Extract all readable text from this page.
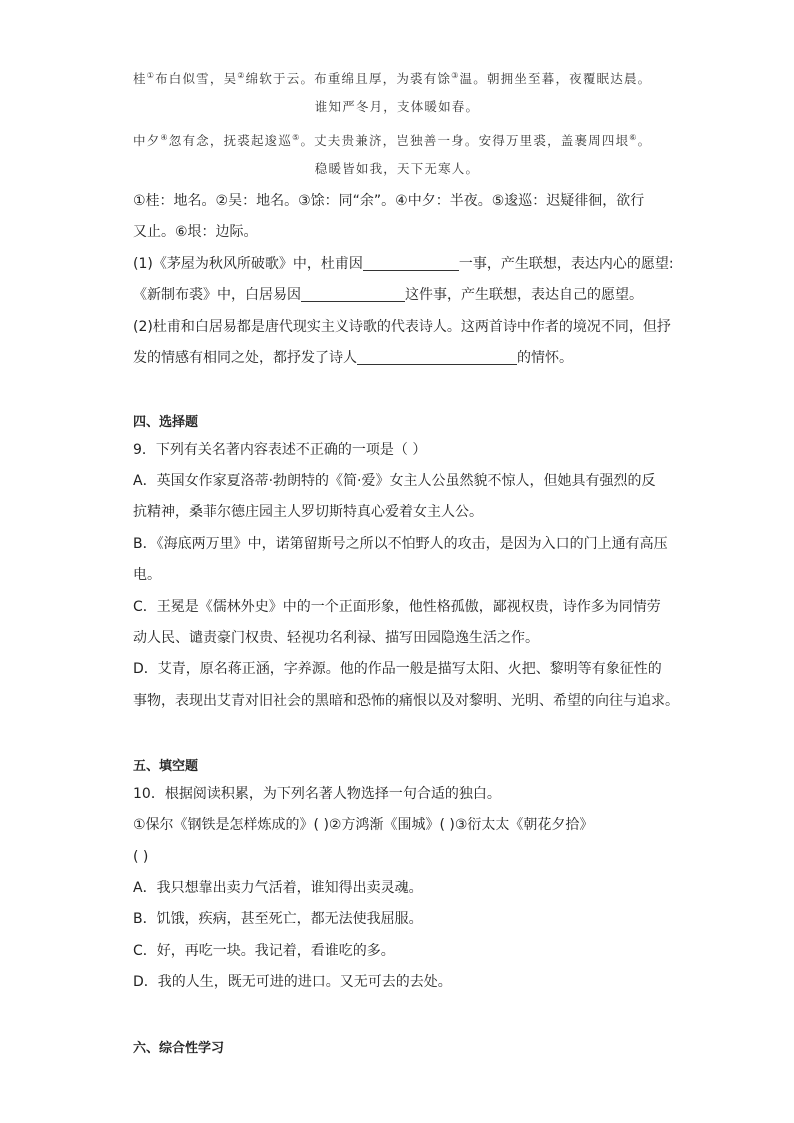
桂①布白似雪，吴②绵软于云。布重绵且厚，为裘有馀③温。朝拥坐至暮，夜覆眠达晨。
谁知严冬月，支体暖如春。
中夕④忽有念，抚裘起逡巡⑤。丈夫贵兼济，岂独善一身。安得万里裘，盖裹周四垠⑥。
稳暖皆如我，天下无寒人。
①桂：地名。②吴：地名。③馀：同“余”。④中夕：半夜。⑤逡巡：迟疑徘徊，欲行
又止。⑥垠：边际。
(1)《茅屋为秋风所破歌》中，杜甫因	一事，产生联想，表达内心的愿望:
《新制布裘》中，白居易因	这件事，产生联想，表达自己的愿望。
(2)杜甫和白居易都是唐代现实主义诗歌的代表诗人。这两首诗中作者的境况不同，但抒
发的情感有相同之处，都抒发了诗人	的情怀。
四、选择题
9．下列有关名著内容表述不正确的一项是（ ）
A．英国女作家夏洛蒂·勃朗特的《简·爱》女主人公虽然貌不惊人，但她具有强烈的反
抗精神，桑菲尔德庄园主人罗切斯特真心爱着女主人公。
B．《海底两万里》中，诺第留斯号之所以不怕野人的攻击，是因为入口的门上通有高压
电。
C．王冕是《儒林外史》中的一个正面形象，他性格孤傲，鄙视权贵，诗作多为同情劳
动人民、谴责豪门权贵、轻视功名利禄、描写田园隐逸生活之作。
D．艾青，原名蒋正涵，字养源。他的作品一般是描写太阳、火把、黎明等有象征性的
事物，表现出艾青对旧社会的黑暗和恐怖的痛恨以及对黎明、光明、希望的向往与追求。
五、填空题
10．根据阅读积累，为下列名著人物选择一句合适的独白。
①保尔《钢铁是怎样炼成的》( )②方鸿渐《围城》( )③衍太太《朝花夕拾》
( )
A．我只想靠出卖力气活着，谁知得出卖灵魂。
B．饥饿，疾病，甚至死亡，都无法使我屈服。
C．好，再吃一块。我记着，看谁吃的多。
D．我的人生，既无可进的进口。又无可去的去处。
六、综合性学习
